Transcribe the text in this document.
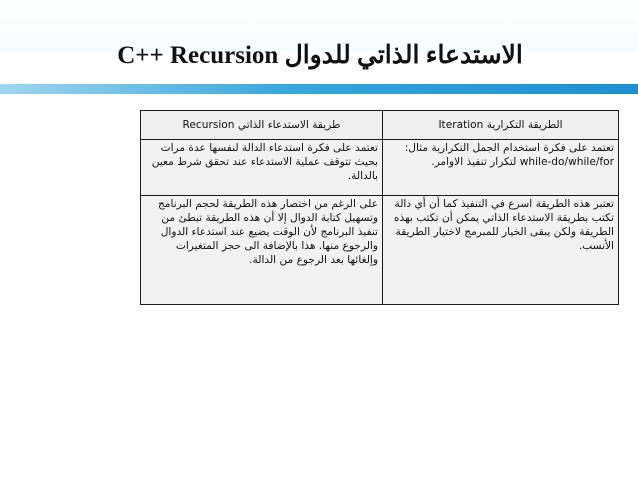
الاستدعاء الذاتي للدوال C++ Recursion
الطريقة التكرارية Iteration	طريقة الاستدعاء الذاتي Recursion
تعتمد على فكرة استخدام الجمل التكرارية مثال: while-do/while/for لتكرار تنفيذ الاوامر.	تعتمد على فكرة استدعاء الدالة لنفسها عدة مرات بحيث تتوقف عملية الاستدعاء عند تحقق شرط معين بالدالة.
تعتبر هذه الطريقة اسرع في التنفيذ كما أن أي دالة تكتب بطريقة الاستدعاء الذاتي يمكن أن تكتب بهذه الطريقة ولكن يبقى الخيار للمبرمج لاختيار الطريقة الأنسب.	على الرغم من اختصار هذه الطريقة لحجم البرنامج وتسهيل كتابة الدوال إلا أن هذه الطريقة تبطئ من تنفيذ البرنامج لأن الوقت يضيع عند استدعاء الدوال والرجوع منها. هذا بالإضافة الى حجز المتغيرات وإلغائها بعد الرجوع من الدالة.
